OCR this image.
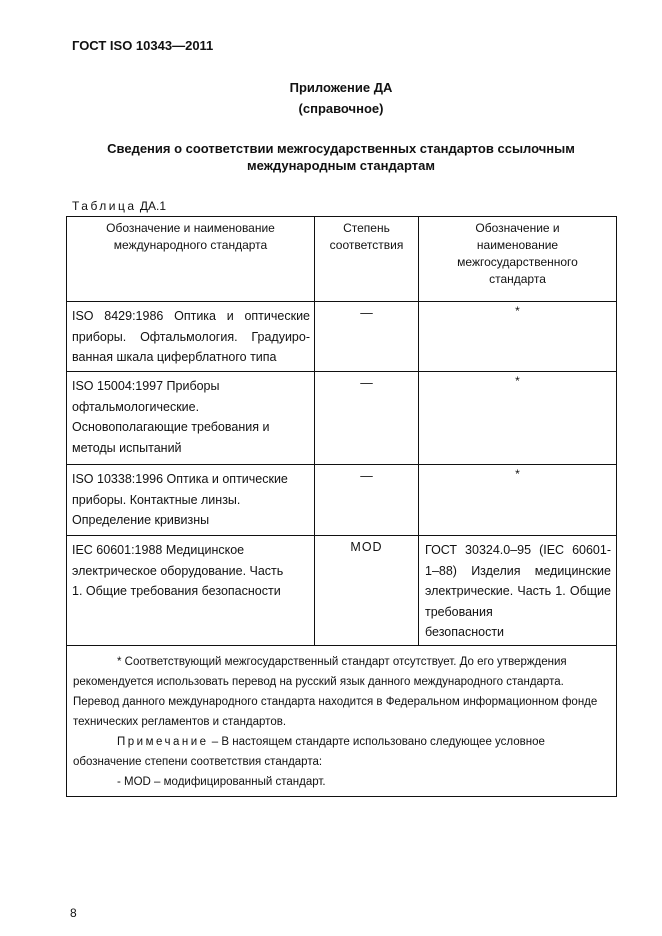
ГОСТ ISO 10343—2011
Приложение ДА
(справочное)
Сведения о соответствии межгосударственных стандартов ссылочным
международным стандартам
Таблица ДА.1
Обозначение и наименование международного стандарта	Степень соответствия	Обозначение и наименование межгосударственного стандарта
ISO 8429:1986 Оптика и оптические приборы. Офтальмология. Градуиро-ванная шкала циферблатного типа	—	*
ISO 15004:1997 Приборы офтальмологические. Основополагающие требования и методы испытаний	—	*
ISO 10338:1996 Оптика и оптические приборы. Контактные линзы. Определение кривизны	—	*
IEC 60601:1988 Медицинское электрическое оборудование. Часть 1. Общие требования безопасности	MOD	ГОСТ 30324.0–95 (IEC 60601-1–88) Изделия медицинские электрические. Часть 1. Общие требования
безопасности

* Соответствующий межгосударственный стандарт отсутствует. До его утверждения рекомендуется использовать перевод на русский язык данного международного стандарта. Перевод данного международного стандарта находится в Федеральном информационном фонде технических регламентов и стандартов.
Примечание – В настоящем стандарте использовано следующее условное обозначение степени соответствия стандарта:
- MOD – модифицированный стандарт.		
8
